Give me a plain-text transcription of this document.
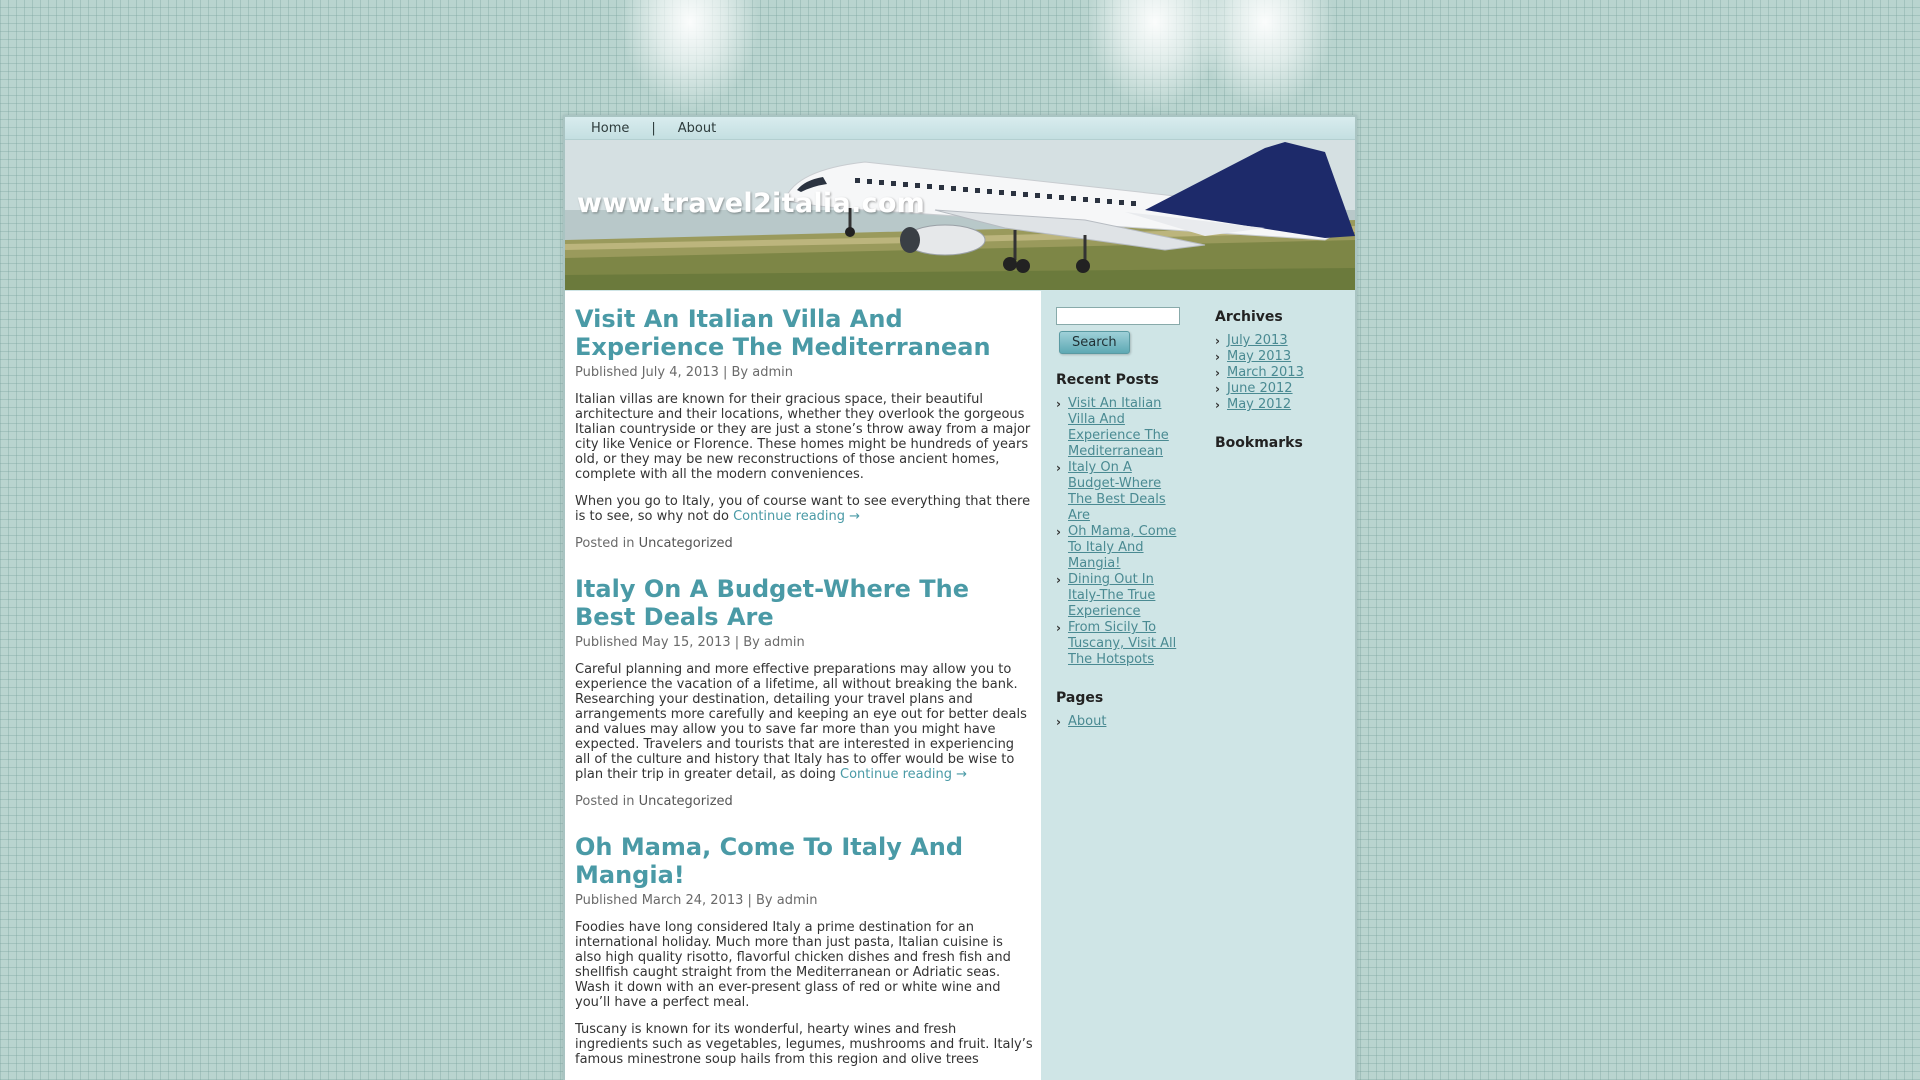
Home | About
www.travel2italia.com
Visit An Italian Villa And Experience The Mediterranean
Published July 4, 2013 | By admin

Italian villas are known for their gracious space, their beautiful architecture and their locations, whether they overlook the gorgeous Italian countryside or they are just a stone’s throw away from a major city like Venice or Florence. These homes might be hundreds of years old, or they may be new reconstructions of those ancient homes, complete with all the modern conveniences.

When you go to Italy, you of course want to see everything that there is to see, so why not do Continue reading →

Posted in Uncategorized
Italy On A Budget-Where The Best Deals Are
Published May 15, 2013 | By admin

Careful planning and more effective preparations may allow you to experience the vacation of a lifetime, all without breaking the bank. Researching your destination, detailing your travel plans and arrangements more carefully and keeping an eye out for better deals and values may allow you to save far more than you might have expected. Travelers and tourists that are interested in experiencing all of the culture and history that Italy has to offer would be wise to plan their trip in greater detail, as doing Continue reading →

Posted in Uncategorized
Oh Mama, Come To Italy And Mangia!
Published March 24, 2013 | By admin

Foodies have long considered Italy a prime destination for an international holiday. Much more than just pasta, Italian cuisine is also high quality risotto, flavorful chicken dishes and fresh fish and shellfish caught straight from the Mediterranean or Adriatic seas. Wash it down with an ever-present glass of red or white wine and you’ll have a perfect meal.

Tuscany is known for its wonderful, hearty wines and fresh ingredients such as vegetables, legumes, mushrooms and fruit. Italy’s famous minestrone soup hails from this region and olive trees

Search
Recent Posts
› Visit An Italian Villa And Experience The Mediterranean
› Italy On A Budget-Where The Best Deals Are
› Oh Mama, Come To Italy And Mangia!
› Dining Out In Italy-The True Experience
› From Sicily To Tuscany, Visit All The Hotspots
Pages
› About
Archives
› July 2013
› May 2013
› March 2013
› June 2012
› May 2012
Bookmarks
